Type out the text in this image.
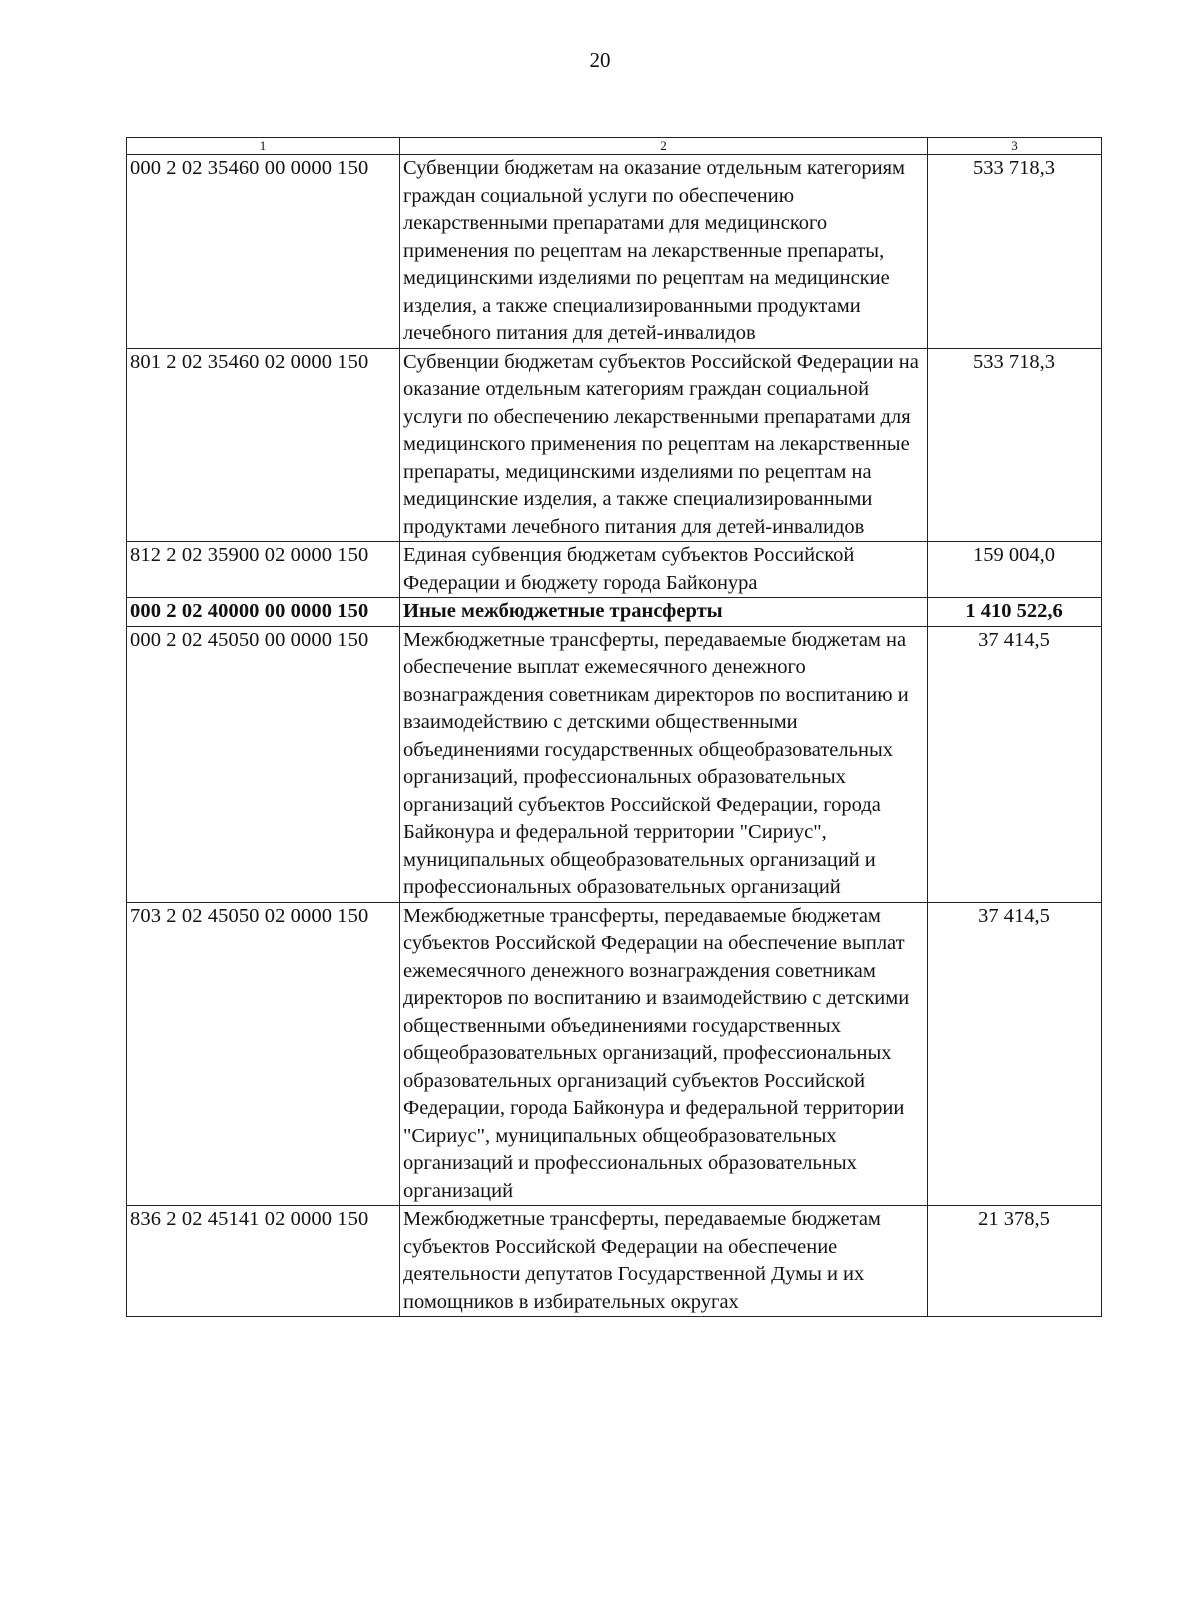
20
1	2	3
000 2 02 35460 00 0000 150	Субвенции бюджетам на оказание отдельным категориям граждан социальной услуги по обеспечению лекарственными препаратами для медицинского применения по рецептам на лекарственные препараты, медицинскими изделиями по рецептам на медицинские изделия, а также специализированными продуктами лечебного питания для детей-инвалидов	533 718,3
801 2 02 35460 02 0000 150	Субвенции бюджетам субъектов Российской Федерации на оказание отдельным категориям граждан социальной услуги по обеспечению лекарственными препаратами для медицинского применения по рецептам на лекарственные препараты, медицинскими изделиями по рецептам на медицинские изделия, а также специализированными продуктами лечебного питания для детей-инвалидов	533 718,3
812 2 02 35900 02 0000 150	Единая субвенция бюджетам субъектов Российской Федерации и бюджету города Байконура	159 004,0
000 2 02 40000 00 0000 150	Иные межбюджетные трансферты	1 410 522,6
000 2 02 45050 00 0000 150	Межбюджетные трансферты, передаваемые бюджетам на обеспечение выплат ежемесячного денежного вознаграждения советникам директоров по воспитанию и взаимодействию с детскими общественными объединениями государственных общеобразовательных организаций, профессиональных образовательных организаций субъектов Российской Федерации, города Байконура и федеральной территории "Сириус", муниципальных общеобразовательных организаций и профессиональных образовательных организаций	37 414,5
703 2 02 45050 02 0000 150	Межбюджетные трансферты, передаваемые бюджетам субъектов Российской Федерации на обеспечение выплат ежемесячного денежного вознаграждения советникам директоров по воспитанию и взаимодействию с детскими общественными объединениями государственных общеобразовательных организаций, профессиональных образовательных организаций субъектов Российской Федерации, города Байконура и федеральной территории "Сириус", муниципальных общеобразовательных организаций и профессиональных образовательных организаций	37 414,5
836 2 02 45141 02 0000 150	Межбюджетные трансферты, передаваемые бюджетам субъектов Российской Федерации на обеспечение деятельности депутатов Государственной Думы и их помощников в избирательных округах	21 378,5
